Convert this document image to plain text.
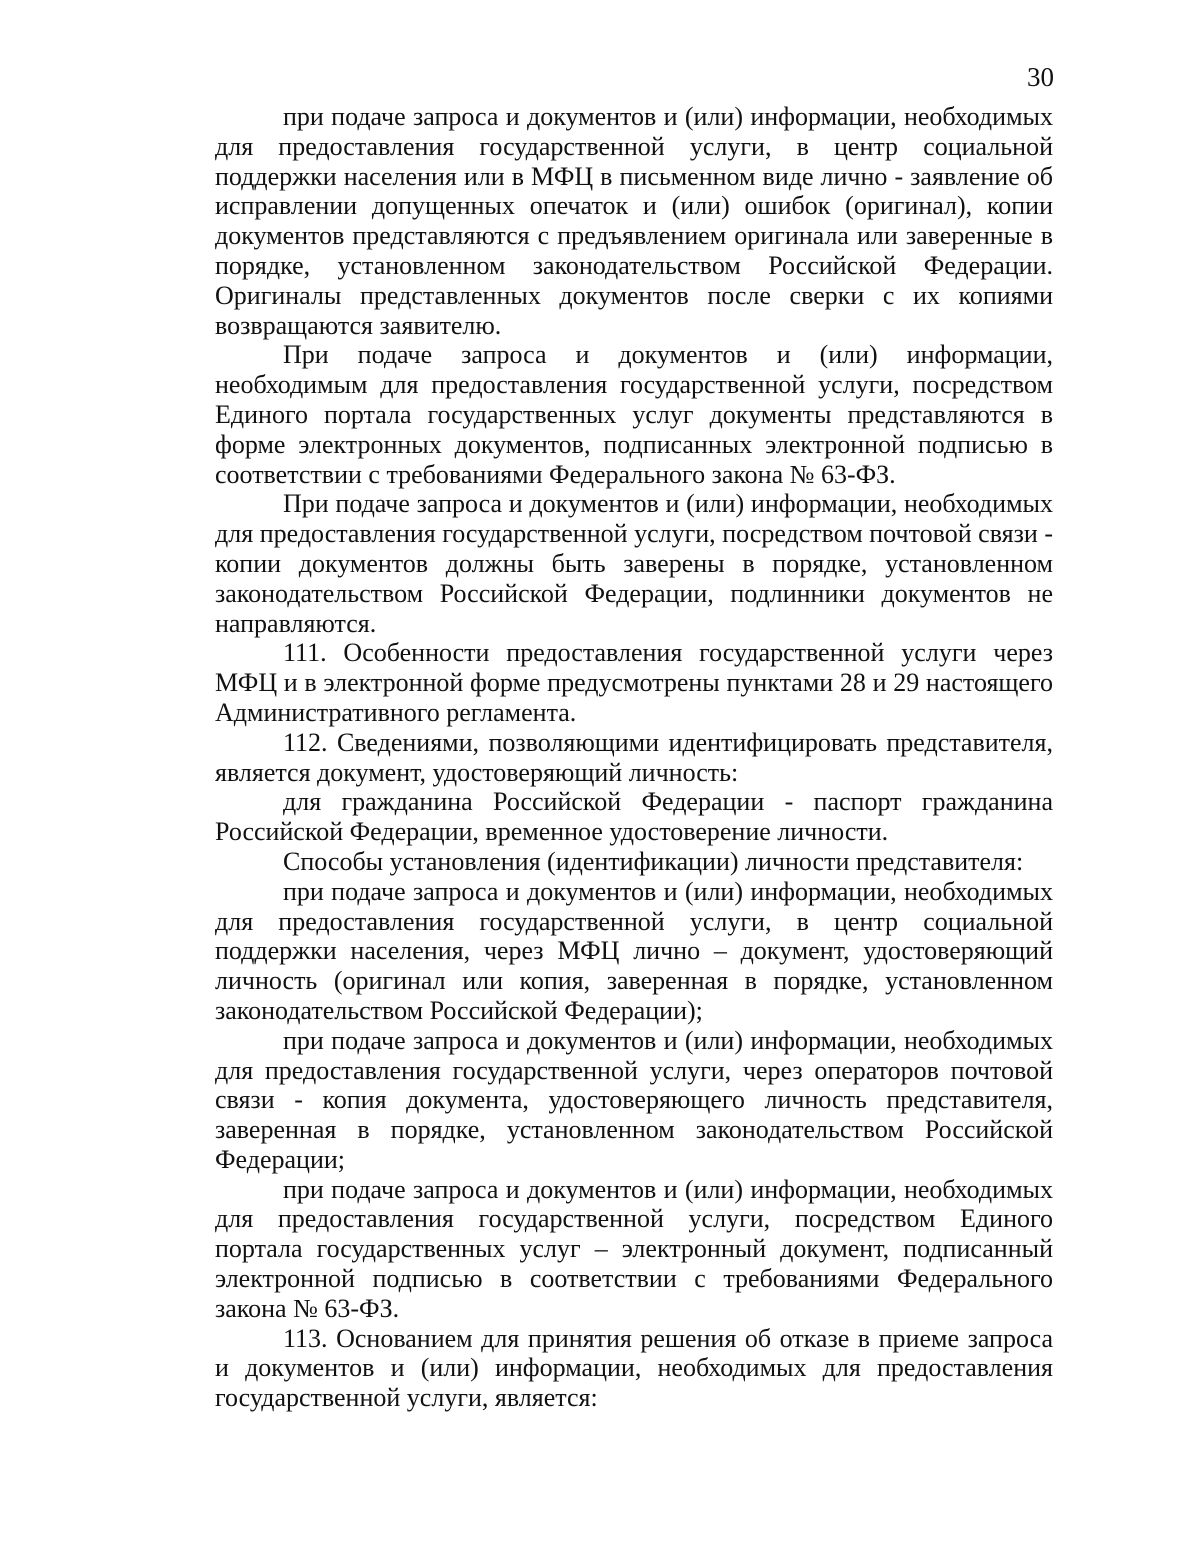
30

при подаче запроса и документов и (или) информации, необходимых для предоставления государственной услуги, в центр социальной поддержки населения или в МФЦ в письменном виде лично - заявление об исправлении допущенных опечаток и (или) ошибок (оригинал), копии документов представляются с предъявлением оригинала или заверенные в порядке, установленном законодательством Российской Федерации. Оригиналы представленных документов после сверки с их копиями возвращаются заявителю.

При подаче запроса и документов и (или) информации, необходимым для предоставления государственной услуги, посредством Единого портала государственных услуг документы представляются в форме электронных документов, подписанных электронной подписью в соответствии с требованиями Федерального закона № 63-ФЗ.

При подаче запроса и документов и (или) информации, необходимых для предоставления государственной услуги, посредством почтовой связи - копии документов должны быть заверены в порядке, установленном законодательством Российской Федерации, подлинники документов не направляются.

111. Особенности предоставления государственной услуги через МФЦ и в электронной форме предусмотрены пунктами 28 и 29 настоящего Административного регламента.

112. Сведениями, позволяющими идентифицировать представителя, является документ, удостоверяющий личность:

для гражданина Российской Федерации - паспорт гражданина Российской Федерации, временное удостоверение личности.

Способы установления (идентификации) личности представителя:

при подаче запроса и документов и (или) информации, необходимых для предоставления государственной услуги, в центр социальной поддержки населения, через МФЦ лично – документ, удостоверяющий личность (оригинал или копия, заверенная в порядке, установленном законодательством Российской Федерации);

при подаче запроса и документов и (или) информации, необходимых для предоставления государственной услуги, через операторов почтовой связи - копия документа, удостоверяющего личность представителя, заверенная в порядке, установленном законодательством Российской Федерации;

при подаче запроса и документов и (или) информации, необходимых для предоставления государственной услуги, посредством Единого портала государственных услуг – электронный документ, подписанный электронной подписью в соответствии с требованиями Федерального закона № 63-ФЗ.

113. Основанием для принятия решения об отказе в приеме запроса и документов и (или) информации, необходимых для предоставления государственной услуги, является:
